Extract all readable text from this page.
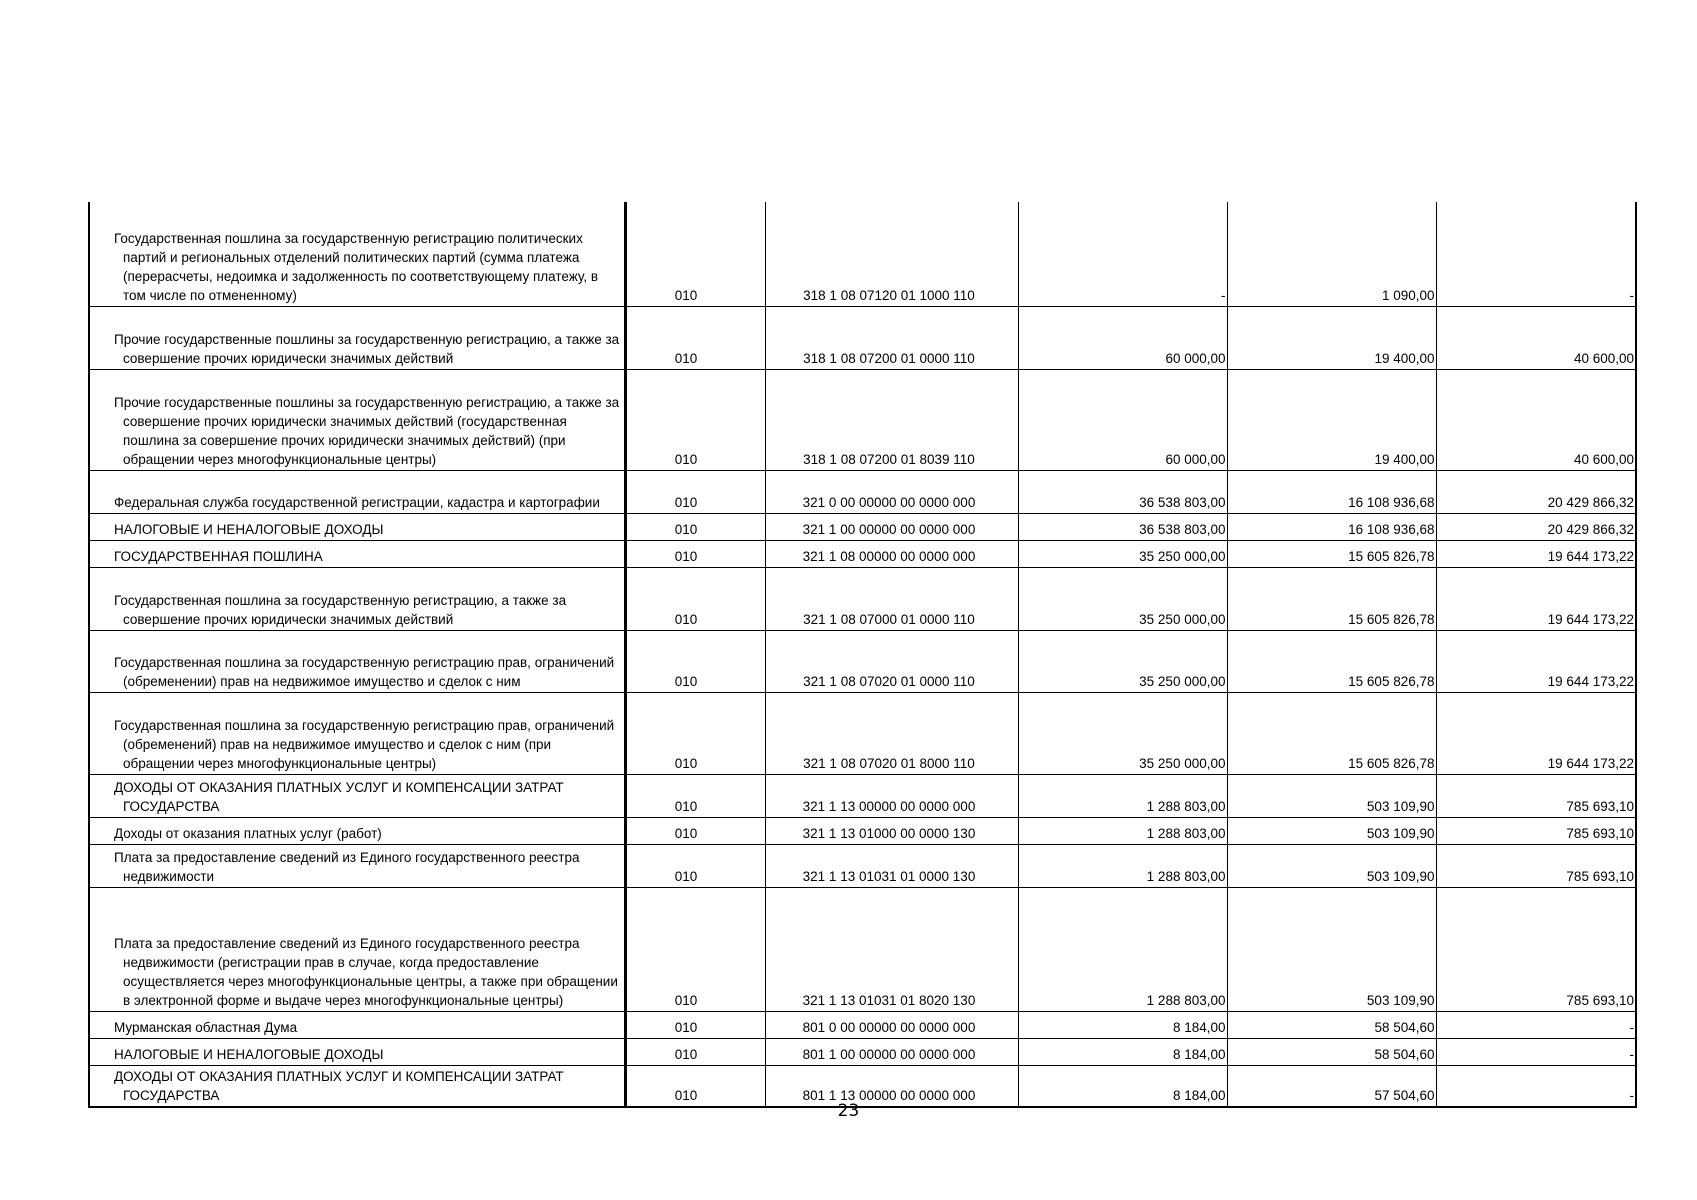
Государственная пошлина за государственную регистрацию политических партий и региональных отделений политических партий (сумма платежа (перерасчеты, недоимка и задолженность по соответствующему платежу, в том числе по отмененному)	010	318 1 08 07120 01 1000 110	-	1 090,00	-
Прочие государственные пошлины за государственную регистрацию, а также за совершение прочих юридически значимых действий	010	318 1 08 07200 01 0000 110	60 000,00	19 400,00	40 600,00
Прочие государственные пошлины за государственную регистрацию, а также за совершение прочих юридически значимых действий (государственная пошлина за совершение прочих юридически значимых действий) (при обращении через многофункциональные центры)	010	318 1 08 07200 01 8039 110	60 000,00	19 400,00	40 600,00
Федеральная служба государственной регистрации, кадастра и картографии	010	321 0 00 00000 00 0000 000	36 538 803,00	16 108 936,68	20 429 866,32
НАЛОГОВЫЕ И НЕНАЛОГОВЫЕ ДОХОДЫ	010	321 1 00 00000 00 0000 000	36 538 803,00	16 108 936,68	20 429 866,32
ГОСУДАРСТВЕННАЯ ПОШЛИНА	010	321 1 08 00000 00 0000 000	35 250 000,00	15 605 826,78	19 644 173,22
Государственная пошлина за государственную регистрацию, а также за совершение прочих юридически значимых действий	010	321 1 08 07000 01 0000 110	35 250 000,00	15 605 826,78	19 644 173,22
Государственная пошлина за государственную регистрацию прав, ограничений (обременении) прав на недвижимое имущество и сделок с ним	010	321 1 08 07020 01 0000 110	35 250 000,00	15 605 826,78	19 644 173,22
Государственная пошлина за государственную регистрацию прав, ограничений (обременений) прав на недвижимое имущество и сделок с ним (при обращении через многофункциональные центры)	010	321 1 08 07020 01 8000 110	35 250 000,00	15 605 826,78	19 644 173,22
ДОХОДЫ ОТ ОКАЗАНИЯ ПЛАТНЫХ УСЛУГ И КОМПЕНСАЦИИ ЗАТРАТ ГОСУДАРСТВА	010	321 1 13 00000 00 0000 000	1 288 803,00	503 109,90	785 693,10
Доходы от оказания платных услуг (работ)	010	321 1 13 01000 00 0000 130	1 288 803,00	503 109,90	785 693,10
Плата за предоставление сведений из Единого государственного реестра недвижимости	010	321 1 13 01031 01 0000 130	1 288 803,00	503 109,90	785 693,10
Плата за предоставление сведений из Единого государственного реестра недвижимости (регистрации прав в случае, когда предоставление осуществляется через многофункциональные центры, а также при обращении в электронной форме и выдаче через многофункциональные центры)	010	321 1 13 01031 01 8020 130	1 288 803,00	503 109,90	785 693,10
Мурманская областная Дума	010	801 0 00 00000 00 0000 000	8 184,00	58 504,60	-
НАЛОГОВЫЕ И НЕНАЛОГОВЫЕ ДОХОДЫ	010	801 1 00 00000 00 0000 000	8 184,00	58 504,60	-
ДОХОДЫ ОТ ОКАЗАНИЯ ПЛАТНЫХ УСЛУГ И КОМПЕНСАЦИИ ЗАТРАТ ГОСУДАРСТВА	010	801 1 13 00000 00 0000 000	8 184,00	57 504,60	-
23
